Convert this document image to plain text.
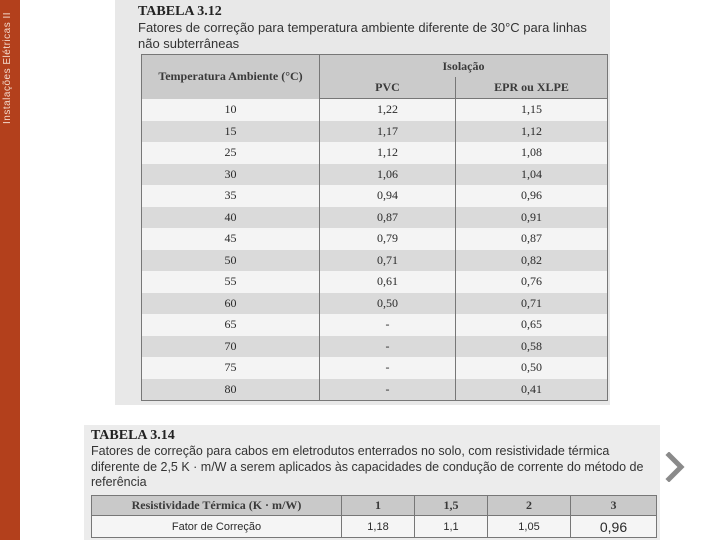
Instalações Elétricas II
TABELA 3.12
Fatores de correção para temperatura ambiente diferente de 30°C para linhas não subterrâneas
Temperatura Ambiente (°C)	Isolação	
	PVC	EPR ou XLPE
10	1,22	1,15
15	1,17	1,12
25	1,12	1,08
30	1,06	1,04
35	0,94	0,96
40	0,87	0,91
45	0,79	0,87
50	0,71	0,82
55	0,61	0,76
60	0,50	0,71
65	-	0,65
70	-	0,58
75	-	0,50
80	-	0,41
TABELA 3.14
Fatores de correção para cabos em eletrodutos enterrados no solo, com resistividade térmica diferente de 2,5 K · m/W a serem aplicados às capacidades de condução de corrente do método de referência
Resistividade Térmica (K · m/W)	1	1,5	2	3
Fator de Correção	1,18	1,1	1,05	0,96
